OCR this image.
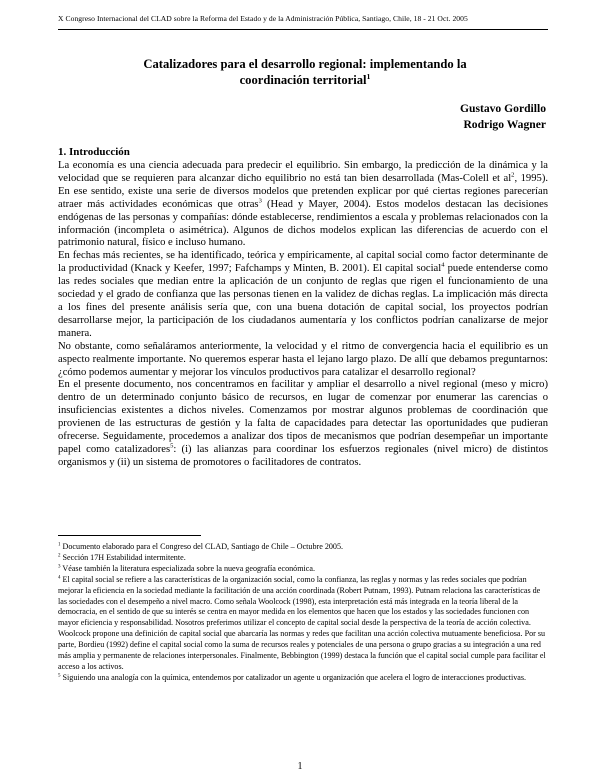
X Congreso Internacional del CLAD sobre la Reforma del Estado y de la Administración Pública, Santiago, Chile, 18 - 21 Oct. 2005
Catalizadores para el desarrollo regional: implementando la
coordinación territorial$^1$
Gustavo Gordillo
Rodrigo Wagner
1. Introducción

La economía es una ciencia adecuada para predecir el equilibrio. Sin embargo, la predicción de la dinámica y la velocidad que se requieren para alcanzar dicho equilibrio no está tan bien desarrollada (Mas-Colell et $al^2$, 1995). En ese sentido, existe una serie de diversos modelos que pretenden explicar por qué ciertas regiones parecerían atraer más actividades económicas que otras$^3$ (Head y Mayer, 2004). Estos modelos destacan las decisiones endógenas de las personas y compañías: dónde establecerse, rendimientos a escala y problemas relacionados con la información (incompleta o asimétrica). Algunos de dichos modelos explican las diferencias de acuerdo con el patrimonio natural, físico e incluso humano.

En fechas más recientes, se ha identificado, teórica y empíricamente, al capital social como factor determinante de la productividad (Knack y Keefer, 1997; Fafchamps y Minten, B. 2001). El capital social$^4$ puede entenderse como las redes sociales que median entre la aplicación de un conjunto de reglas que rigen el funcionamiento de una sociedad y el grado de confianza que las personas tienen en la validez de dichas reglas. La implicación más directa a los fines del presente análisis sería que, con una buena dotación de capital social, los proyectos podrían desarrollarse mejor, la participación de los ciudadanos aumentaría y los conflictos podrían canalizarse de mejor manera.

No obstante, como señaláramos anteriormente, la velocidad y el ritmo de convergencia hacia el equilibrio es un aspecto realmente importante. No queremos esperar hasta el lejano largo plazo. De allí que debamos preguntarnos: ¿cómo podemos aumentar y mejorar los vínculos productivos para catalizar el desarrollo regional?

En el presente documento, nos concentramos en facilitar y ampliar el desarrollo a nivel regional (meso y micro) dentro de un determinado conjunto básico de recursos, en lugar de comenzar por enumerar las carencias o insuficiencias existentes a dichos niveles. Comenzamos por mostrar algunos problemas de coordinación que provienen de las estructuras de gestión y la falta de capacidades para detectar las oportunidades que pudieran ofrecerse. Seguidamente, procedemos a analizar dos tipos de mecanismos que podrían desempeñar un importante papel como catalizadores$^5$: (i) las alianzas para coordinar los esfuerzos regionales (nivel micro) de distintos organismos y (ii) un sistema de promotores o facilitadores de contratos.

$^1$ Documento elaborado para el Congreso del CLAD, Santiago de Chile – Octubre 2005.

$^2$ Sección 17H Estabilidad intermitente.

$^3$ Véase también la literatura especializada sobre la nueva geografía económica.

$^4$ El capital social se refiere a las características de la organización social, como la confianza, las reglas y normas y las redes sociales que podrían mejorar la eficiencia en la sociedad mediante la facilitación de una acción coordinada (Robert Putnam, 1993). Putnam relaciona las características de las sociedades con el desempeño a nivel macro. Como señala Woolcock (1998), esta interpretación está más integrada en la teoría liberal de la democracia, en el sentido de que su interés se centra en mayor medida en los elementos que hacen que los estados y las sociedades funcionen con mayor eficiencia y responsabilidad. Nosotros preferimos utilizar el concepto de capital social desde la perspectiva de la teoría de acción colectiva. Woolcock propone una definición de capital social que abarcaría las normas y redes que facilitan una acción colectiva mutuamente beneficiosa. Por su parte, Bordieu (1992) define el capital social como la suma de recursos reales y potenciales de una persona o grupo gracias a su integración a una red más amplia y permanente de relaciones interpersonales. Finalmente, Bebbington (1999) destaca la función que el capital social cumple para facilitar el acceso a los activos.

$^5$ Siguiendo una analogía con la química, entendemos por catalizador un agente u organización que acelera el logro de interacciones productivas.

1
